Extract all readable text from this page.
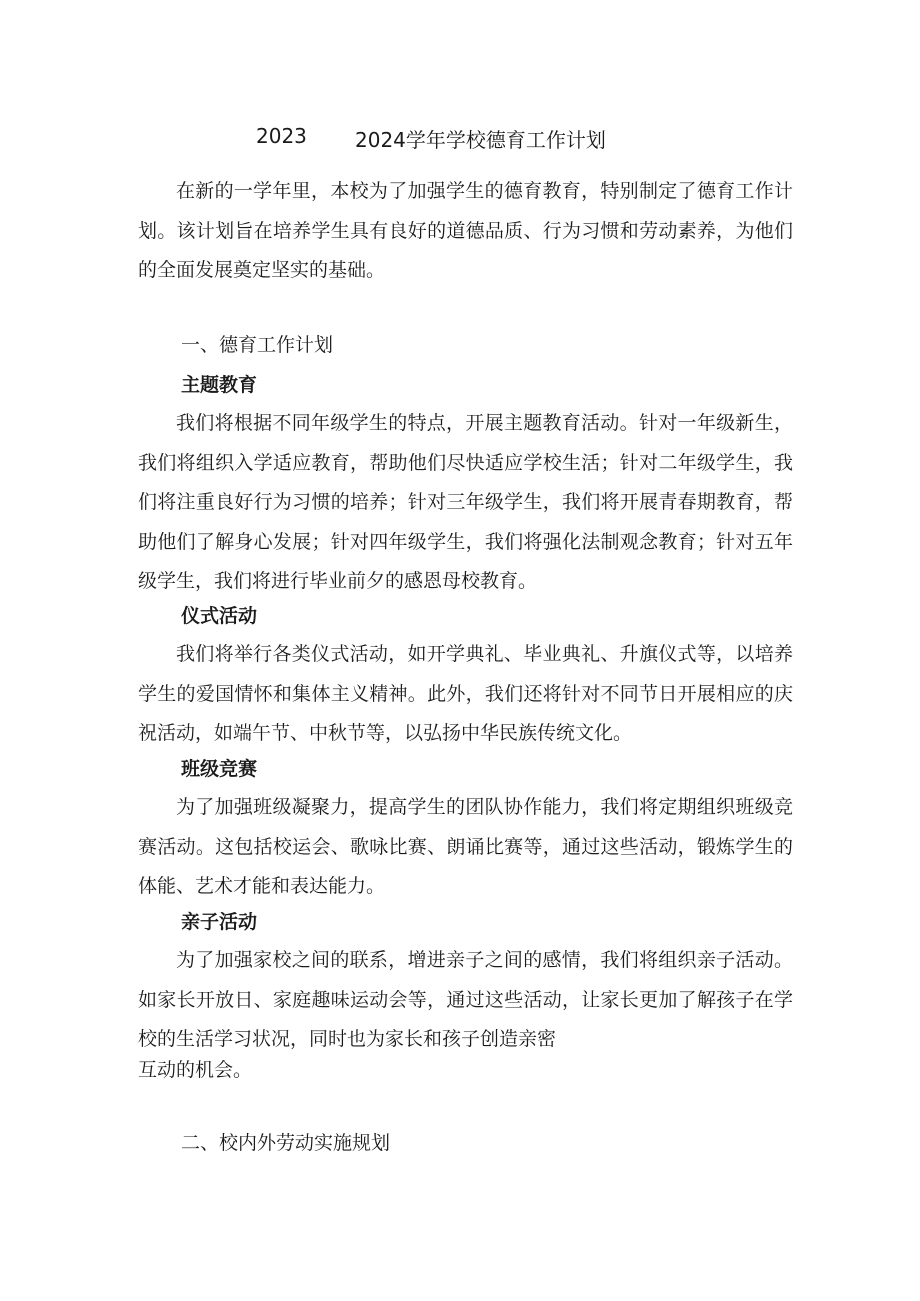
2023 2024学年学校德育工作计划

在新的一学年里，本校为了加强学生的德育教育，特别制定了德育工作计划。该计划旨在培养学生具有良好的道德品质、行为习惯和劳动素养，为他们的全面发展奠定坚实的基础。

一、德育工作计划

主题教育

我们将根据不同年级学生的特点，开展主题教育活动。针对一年级新生，我们将组织入学适应教育，帮助他们尽快适应学校生活；针对二年级学生，我们将注重良好行为习惯的培养；针对三年级学生，我们将开展青春期教育，帮助他们了解身心发展；针对四年级学生，我们将强化法制观念教育；针对五年级学生，我们将进行毕业前夕的感恩母校教育。

仪式活动

我们将举行各类仪式活动，如开学典礼、毕业典礼、升旗仪式等，以培养学生的爱国情怀和集体主义精神。此外，我们还将针对不同节日开展相应的庆祝活动，如端午节、中秋节等，以弘扬中华民族传统文化。

班级竞赛

为了加强班级凝聚力，提高学生的团队协作能力，我们将定期组织班级竞赛活动。这包括校运会、歌咏比赛、朗诵比赛等，通过这些活动，锻炼学生的体能、艺术才能和表达能力。

亲子活动

为了加强家校之间的联系，增进亲子之间的感情，我们将组织亲子活动。如家长开放日、家庭趣味运动会等，通过这些活动，让家长更加了解孩子在学校的生活学习状况，同时也为家长和孩子创造亲密

互动的机会。

二、校内外劳动实施规划
